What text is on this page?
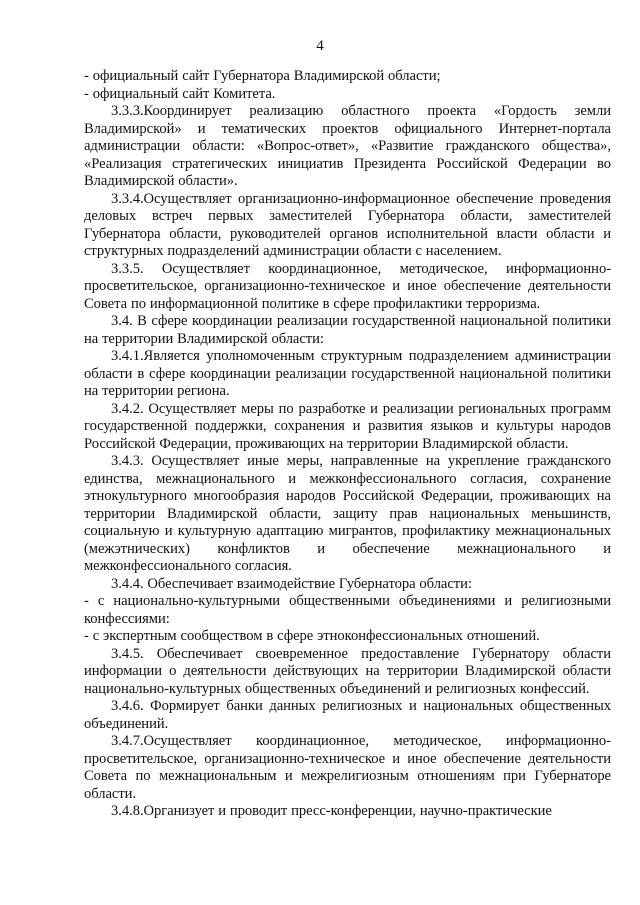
4

- официальный сайт Губернатора Владимирской области;

- официальный сайт Комитета.

3.3.3.Координирует реализацию областного проекта «Гордость земли Владимирской» и тематических проектов официального Интернет-портала администрации области: «Вопрос-ответ», «Развитие гражданского общества», «Реализация стратегических инициатив Президента Российской Федерации во Владимирской области».

3.3.4.Осуществляет организационно-информационное обеспечение проведения деловых встреч первых заместителей Губернатора области, заместителей Губернатора области, руководителей органов исполнительной власти области и структурных подразделений администрации области с населением.

3.3.5. Осуществляет координационное, методическое, информационно-просветительское, организационно-техническое и иное обеспечение деятельности Совета по информационной политике в сфере профилактики терроризма.

3.4. В сфере координации реализации государственной национальной политики на территории Владимирской области:

3.4.1.Является уполномоченным структурным подразделением администрации области в сфере координации реализации государственной национальной политики на территории региона.

3.4.2. Осуществляет меры по разработке и реализации региональных программ государственной поддержки, сохранения и развития языков и культуры народов Российской Федерации, проживающих на территории Владимирской области.

3.4.3. Осуществляет иные меры, направленные на укрепление гражданского единства, межнационального и межконфессионального согласия, сохранение этнокультурного многообразия народов Российской Федерации, проживающих на территории Владимирской области, защиту прав национальных меньшинств, социальную и культурную адаптацию мигрантов, профилактику межнациональных (межэтнических) конфликтов и обеспечение межнационального и межконфессионального согласия.

3.4.4. Обеспечивает взаимодействие Губернатора области:

- с национально-культурными общественными объединениями и религиозными конфессиями:

- с экспертным сообществом в сфере этноконфессиональных отношений.

3.4.5. Обеспечивает своевременное предоставление Губернатору области информации о деятельности действующих на территории Владимирской области национально-культурных общественных объединений и религиозных конфессий.

3.4.6. Формирует банки данных религиозных и национальных общественных объединений.

3.4.7.Осуществляет координационное, методическое, информационно-просветительское, организационно-техническое и иное обеспечение деятельности Совета по межнациональным и межрелигиозным отношениям при Губернаторе области.

3.4.8.Организует и проводит пресс-конференции, научно-практические
